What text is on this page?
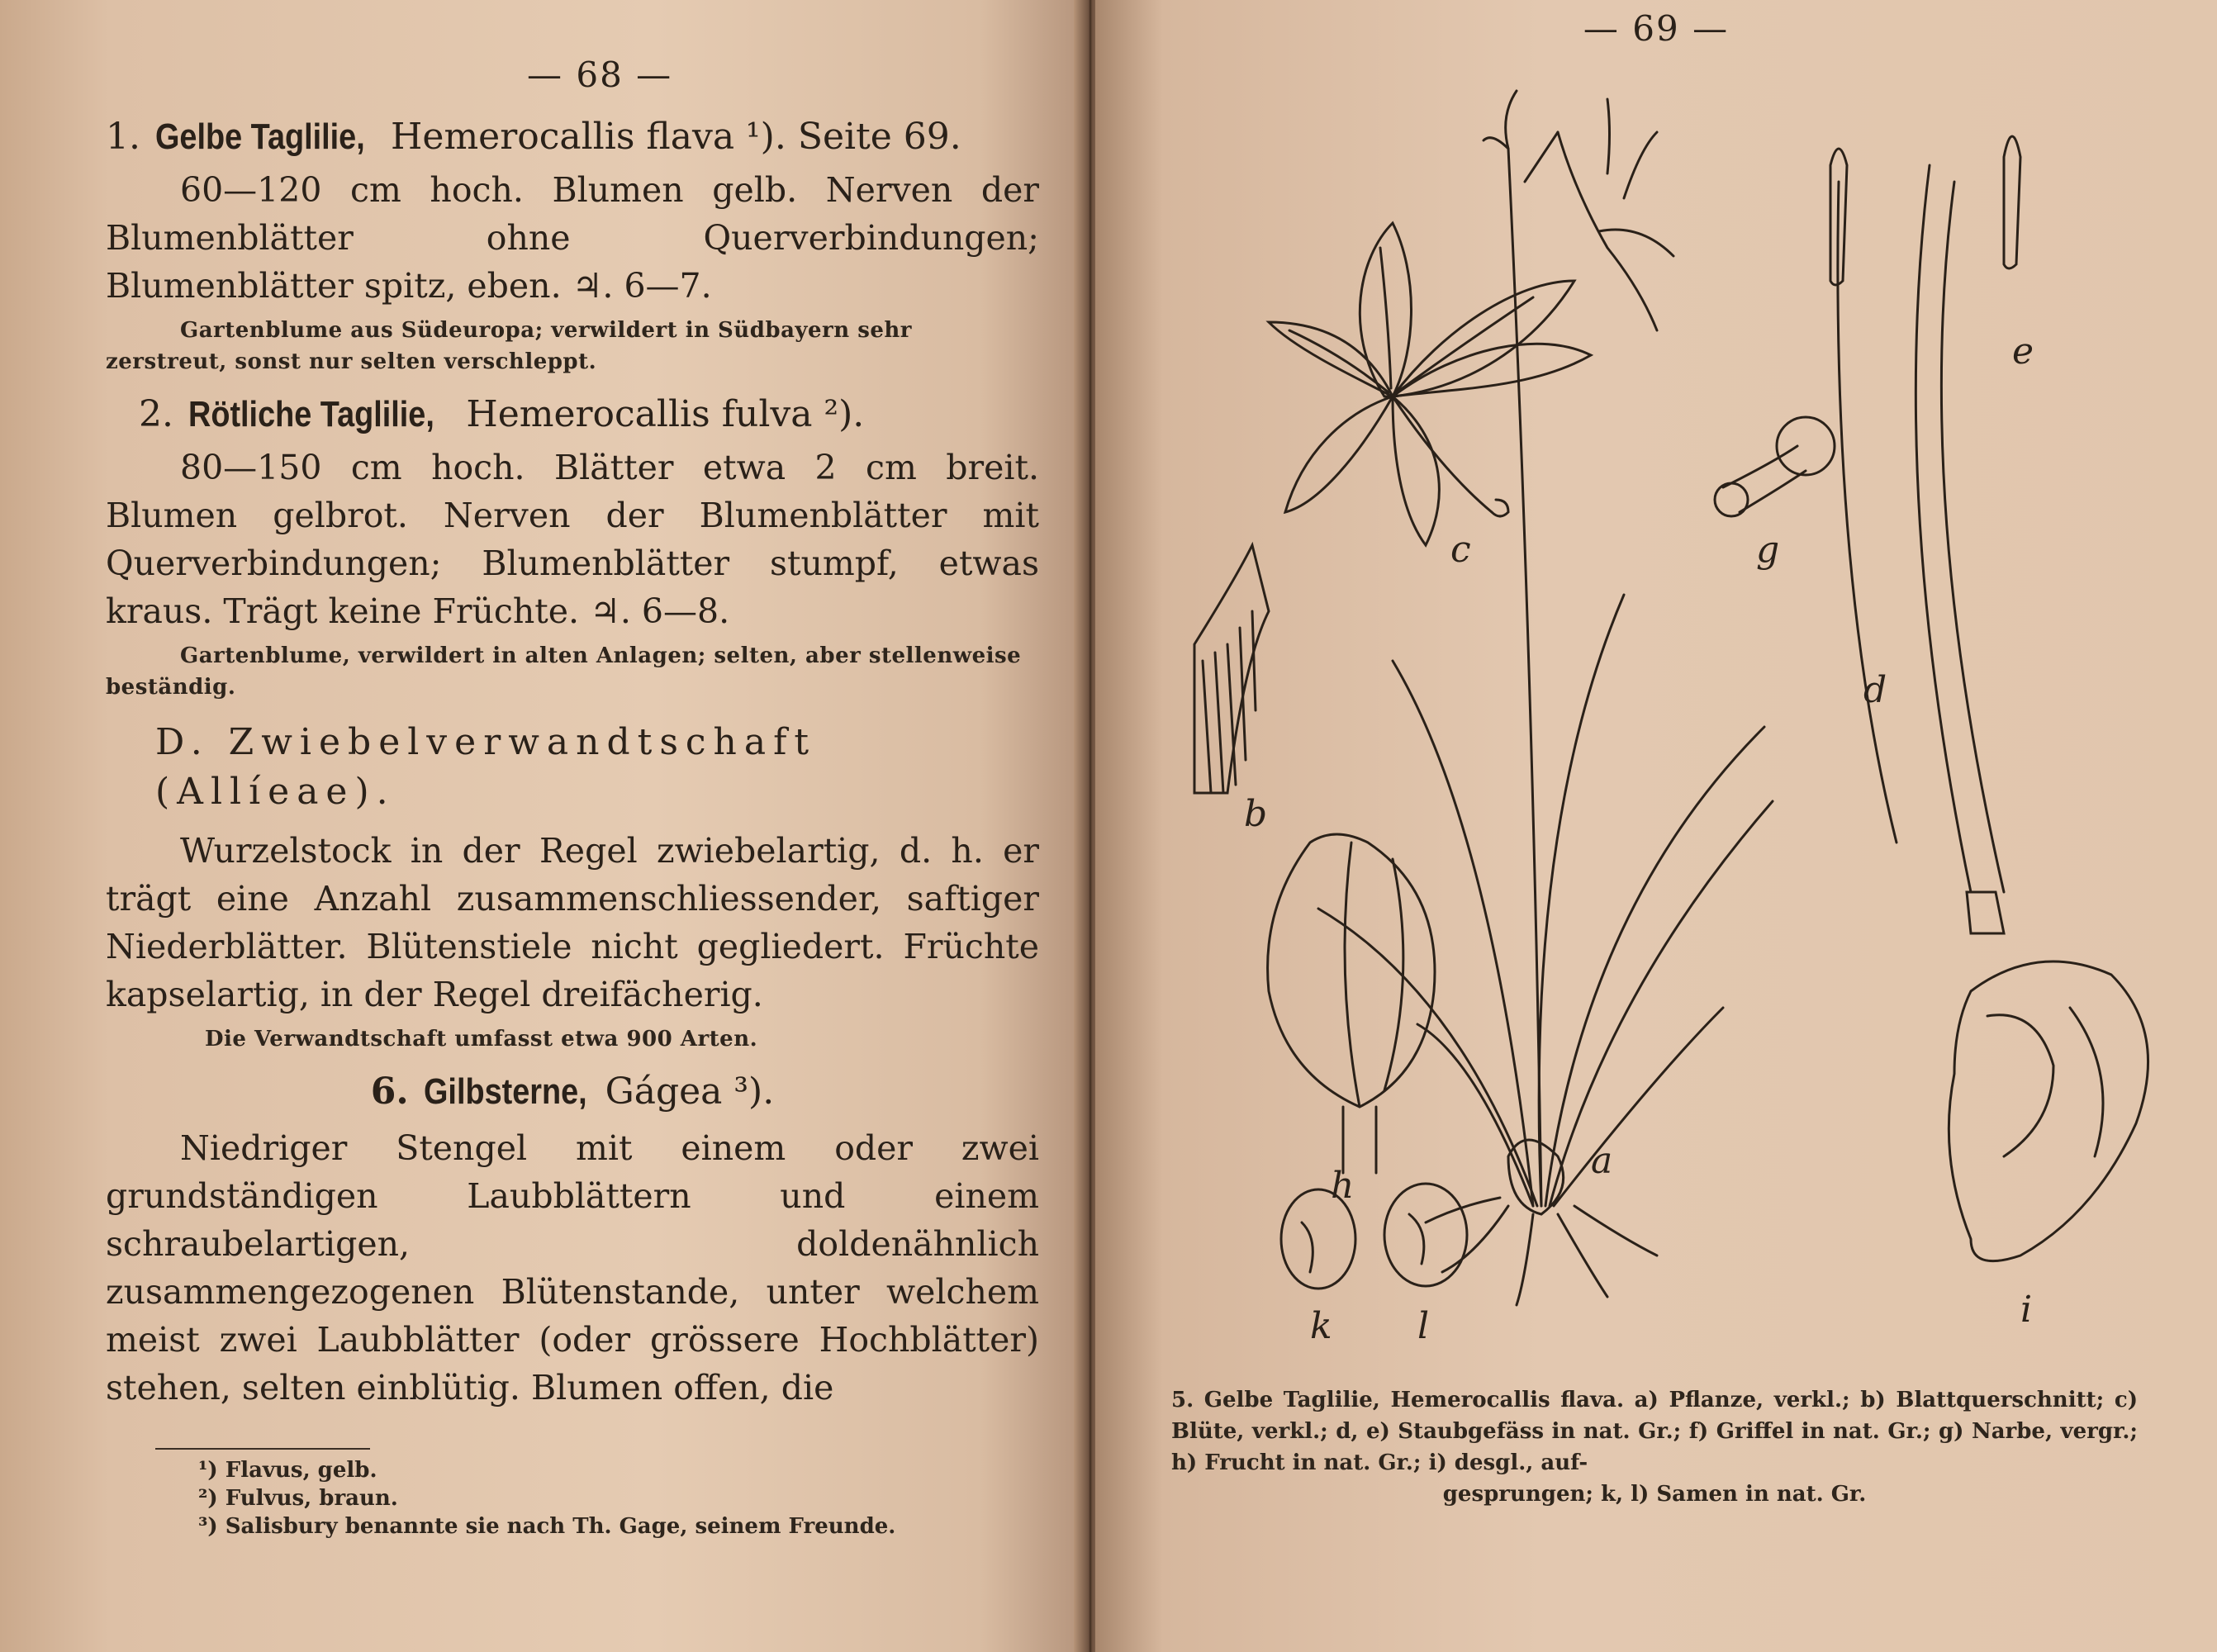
— 68 —
1. Gelbe Taglilie, Hemerocallis flava ¹). Seite 69.

60—120 cm hoch. Blumen gelb. Nerven der Blumenblätter ohne Querverbindungen; Blumenblätter spitz, eben. ♃. 6—7.

Gartenblume aus Südeuropa; verwildert in Südbayern sehr zerstreut, sonst nur selten verschleppt.

2. Rötliche Taglilie, Hemerocallis fulva ²).

80—150 cm hoch. Blätter etwa 2 cm breit. Blumen gelbrot. Nerven der Blumenblätter mit Querverbindungen; Blumenblätter stumpf, etwas kraus. Trägt keine Früchte. ♃. 6—8.

Gartenblume, verwildert in alten Anlagen; selten, aber stellenweise beständig.

D. Zwiebelverwandtschaft (Allíeae).

Wurzelstock in der Regel zwiebelartig, d. h. er trägt eine Anzahl zusammenschliessender, saftiger Niederblätter. Blütenstiele nicht gegliedert. Früchte kapselartig, in der Regel dreifächerig.

Die Verwandtschaft umfasst etwa 900 Arten.

6. Gilbsterne, Gágea ³).

Niedriger Stengel mit einem oder zwei grundständigen Laubblättern und einem schraubelartigen, doldenähnlich zusammengezogenen Blütenstande, unter welchem meist zwei Laubblätter (oder grössere Hochblätter) stehen, selten einblütig. Blumen offen, die

¹) Flavus, gelb.
²) Fulvus, braun.
³) Salisbury benannte sie nach Th. Gage, seinem Freunde.
— 69 —
c
b
g
d
e
h
a
k l	i
5. Gelbe Taglilie, Hemerocallis flava. a) Pflanze, verkl.; b) Blattquerschnitt; c) Blüte, verkl.; d, e) Staubgefäss in nat. Gr.; f) Griffel in nat. Gr.; g) Narbe, vergr.; h) Frucht in nat. Gr.; i) desgl., auf-
gesprungen; k, l) Samen in nat. Gr.
